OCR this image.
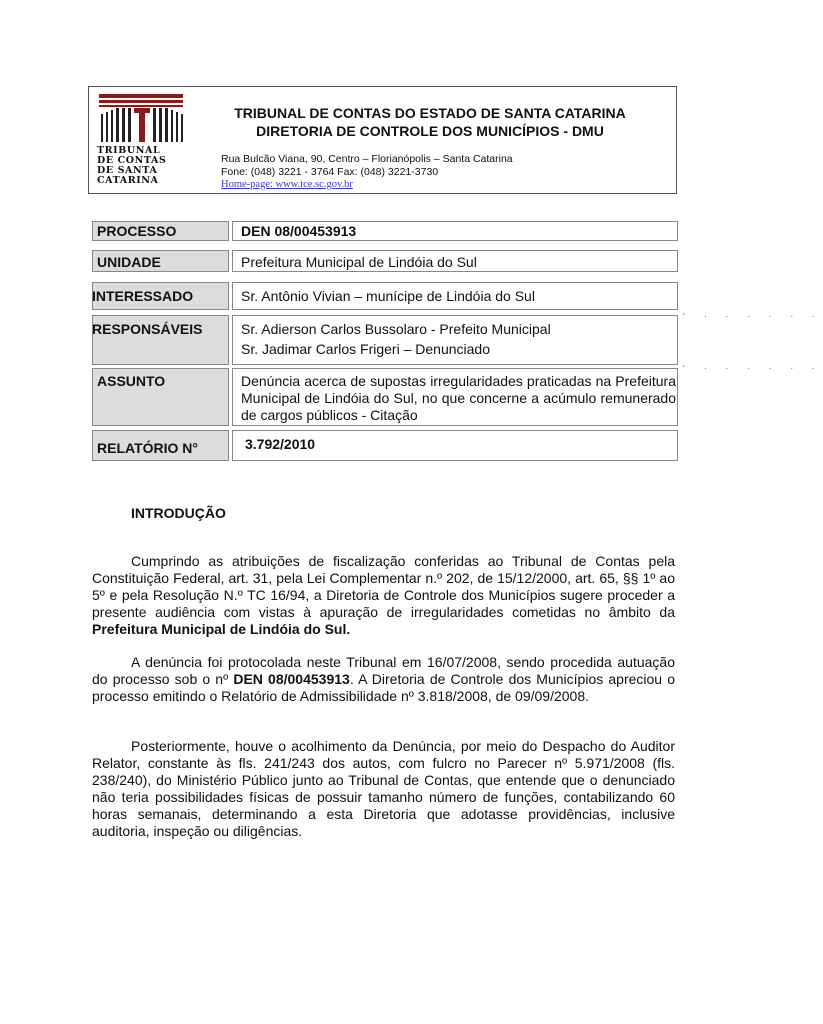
TRIBUNAL
DE CONTAS
DE SANTA
CATARINA
TRIBUNAL DE CONTAS DO ESTADO DE SANTA CATARINA
DIRETORIA DE CONTROLE DOS MUNICÍPIOS - DMU
Rua Bulcão Viana, 90, Centro – Florianópolis – Santa Catarina
Fone: (048) 3221 - 3764 Fax: (048) 3221-3730
Home-page: www.tce.sc.gov.br
- . . . . . .
- . . . . . .
PROCESSO
UNIDADE
INTERESSADO
RESPONSÁVEIS
ASSUNTO
RELATÓRIO N°
DEN 08/00453913
Prefeitura Municipal de Lindóia do Sul
Sr. Antônio Vivian – munícipe de Lindóia do Sul
Sr. Adierson Carlos Bussolaro - Prefeito Municipal
Sr. Jadimar Carlos Frigeri – Denunciado
Denúncia acerca de supostas irregularidades praticadas na Prefeitura Municipal de Lindóia do Sul, no que concerne a acúmulo remunerado de cargos públicos - Citação
3.792/2010
INTRODUÇÃO
Cumprindo as atribuições de fiscalização conferidas ao Tribunal de Contas pela Constituição Federal, art. 31, pela Lei Complementar n.º 202, de 15/12/2000, art. 65, §§ 1º ao 5º e pela Resolução N.º TC 16/94, a Diretoria de Controle dos Municípios sugere proceder a presente audiência com vistas à apuração de irregularidades cometidas no âmbito da Prefeitura Municipal de Lindóia do Sul.
A denúncia foi protocolada neste Tribunal em 16/07/2008, sendo procedida autuação do processo sob o nº DEN 08/00453913. A Diretoria de Controle dos Municípios apreciou o processo emitindo o Relatório de Admissibilidade nº 3.818/2008, de 09/09/2008.
Posteriormente, houve o acolhimento da Denúncia, por meio do Despacho do Auditor Relator, constante às fls. 241/243 dos autos, com fulcro no Parecer nº 5.971/2008 (fls. 238/240), do Ministério Público junto ao Tribunal de Contas, que entende que o denunciado não teria possibilidades físicas de possuir tamanho número de funções, contabilizando 60 horas semanais, determinando a esta Diretoria que adotasse providências, inclusive auditoria, inspeção ou diligências.
